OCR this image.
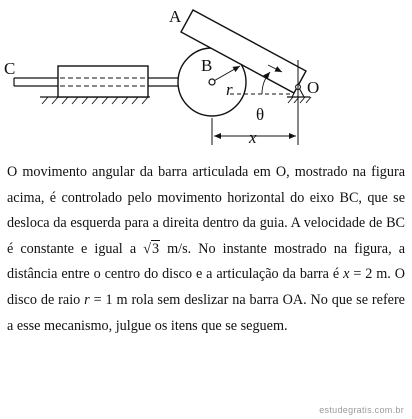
A
B
C
O
r
θ
x

O movimento angular da barra articulada em O, mostrado na figura acima, é controlado pelo movimento horizontal do eixo BC, que se desloca da esquerda para a direita dentro da guia. A velocidade de BC é constante e igual a √3 m/s. No instante mostrado na figura, a distância entre o centro do disco e a articulação da barra é x = 2 m. O disco de raio r = 1 m rola sem deslizar na barra OA. No que se refere a esse mecanismo, julgue os itens que se seguem.

estudegratis.com.br
